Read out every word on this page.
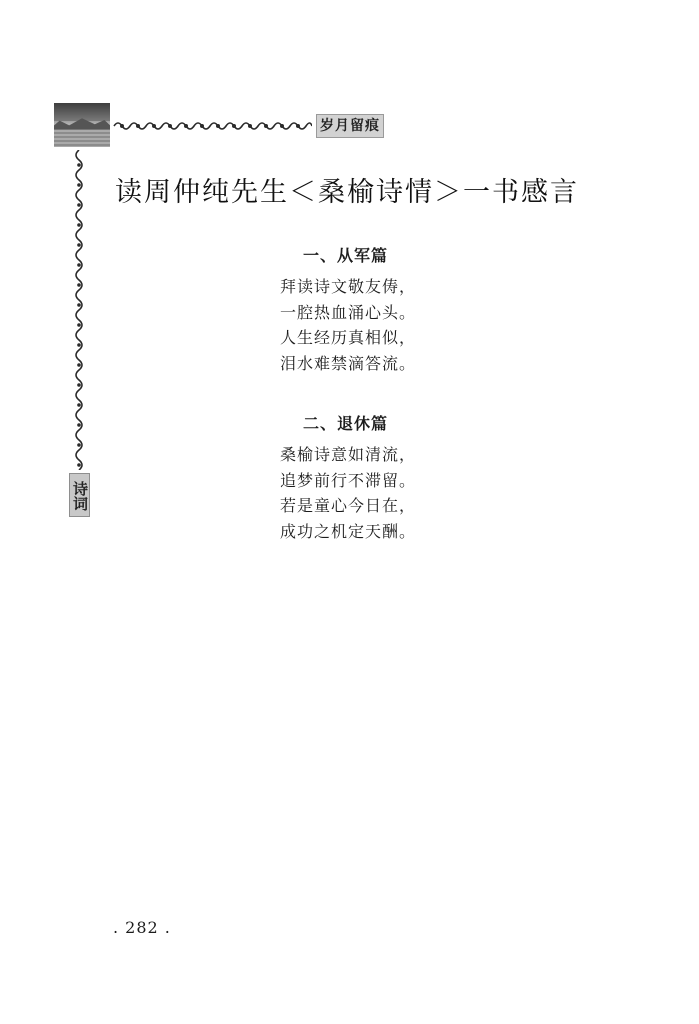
岁月留痕
诗词
读周仲纯先生＜桑榆诗情＞一书感言
一、从军篇
拜读诗文敬友俦，
一腔热血涌心头。
人生经历真相似，
泪水难禁滴答流。
二、退休篇
桑榆诗意如清流，
追梦前行不滞留。
若是童心今日在，
成功之机定天酬。
. 282 .
